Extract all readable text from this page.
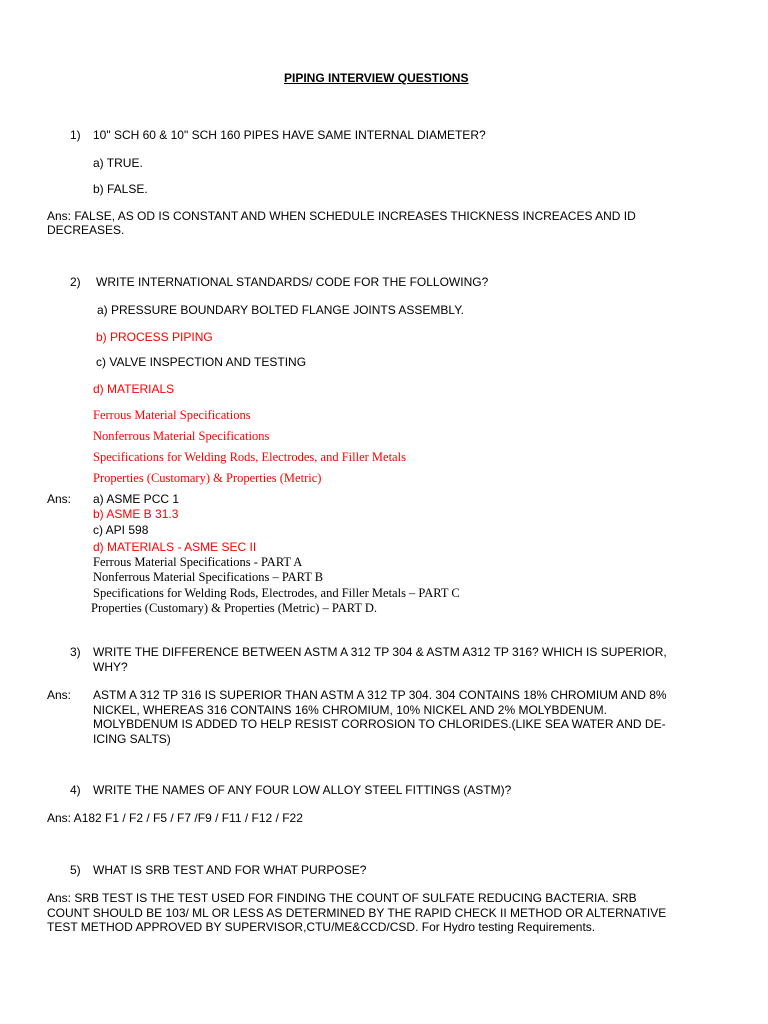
PIPING INTERVIEW QUESTIONS
1) 10" SCH 60 & 10" SCH 160 PIPES HAVE SAME INTERNAL DIAMETER?
a) TRUE.
b) FALSE.
Ans: FALSE, AS OD IS CONSTANT AND WHEN SCHEDULE INCREASES THICKNESS INCREACES AND ID
DECREASES.
2) WRITE INTERNATIONAL STANDARDS/ CODE FOR THE FOLLOWING?
a) PRESSURE BOUNDARY BOLTED FLANGE JOINTS ASSEMBLY.
b) PROCESS PIPING
c) VALVE INSPECTION AND TESTING
d) MATERIALS
Ferrous Material Specifications
Nonferrous Material Specifications
Specifications for Welding Rods, Electrodes, and Filler Metals
Properties (Customary) & Properties (Metric)
Ans: a) ASME PCC 1
b) ASME B 31.3
c) API 598
d) MATERIALS - ASME SEC II
Ferrous Material Specifications - PART A
Nonferrous Material Specifications – PART B
Specifications for Welding Rods, Electrodes, and Filler Metals – PART C
Properties (Customary) & Properties (Metric) – PART D.
3) WRITE THE DIFFERENCE BETWEEN ASTM A 312 TP 304 & ASTM A312 TP 316? WHICH IS SUPERIOR,
WHY?
Ans: ASTM A 312 TP 316 IS SUPERIOR THAN ASTM A 312 TP 304. 304 CONTAINS 18% CHROMIUM AND 8%
NICKEL, WHEREAS 316 CONTAINS 16% CHROMIUM, 10% NICKEL AND 2% MOLYBDENUM.
MOLYBDENUM IS ADDED TO HELP RESIST CORROSION TO CHLORIDES.(LIKE SEA WATER AND DE-
ICING SALTS)
4) WRITE THE NAMES OF ANY FOUR LOW ALLOY STEEL FITTINGS (ASTM)?
Ans: A182 F1 / F2 / F5 / F7 /F9 / F11 / F12 / F22
5) WHAT IS SRB TEST AND FOR WHAT PURPOSE?
Ans: SRB TEST IS THE TEST USED FOR FINDING THE COUNT OF SULFATE REDUCING BACTERIA. SRB
COUNT SHOULD BE 103/ ML OR LESS AS DETERMINED BY THE RAPID CHECK II METHOD OR ALTERNATIVE
TEST METHOD APPROVED BY SUPERVISOR,CTU/ME&CCD/CSD. For Hydro testing Requirements.
